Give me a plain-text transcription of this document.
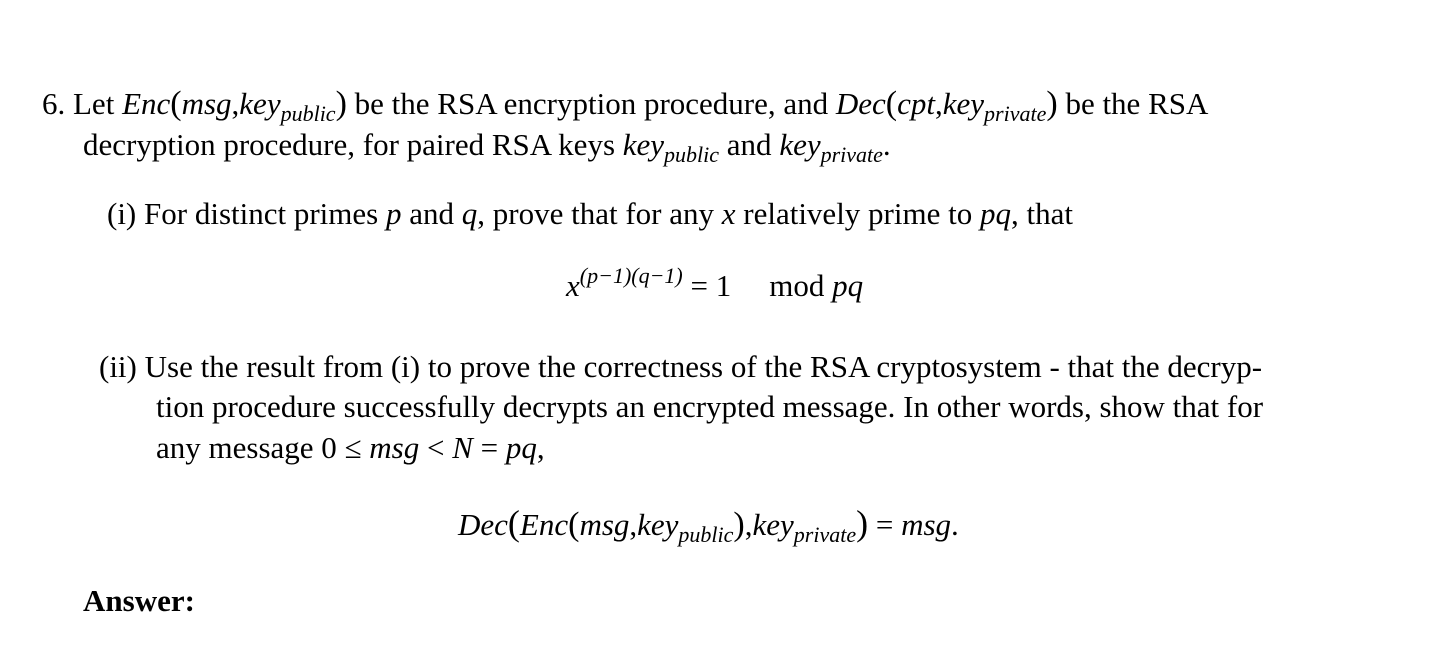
6. Let Enc(msg,key$_{public}$) be the RSA encryption procedure, and Dec(cpt,key$_{private}$) be the RSA
decryption procedure, for paired RSA keys key$_{public}$ and key$_{private}$.
(i) For distinct primes p and q, prove that for any x relatively prime to pq, that
$x^{(p-1)(q-1)} = 1$ mod pq
(ii) Use the result from (i) to prove the correctness of the RSA cryptosystem - that the decryp-
tion procedure successfully decrypts an encrypted message. In other words, show that for
any message 0 ≤ msg < N = pq,
Dec(Enc(msg,key$_{public}$),key$_{private}$) = msg.
Answer:
